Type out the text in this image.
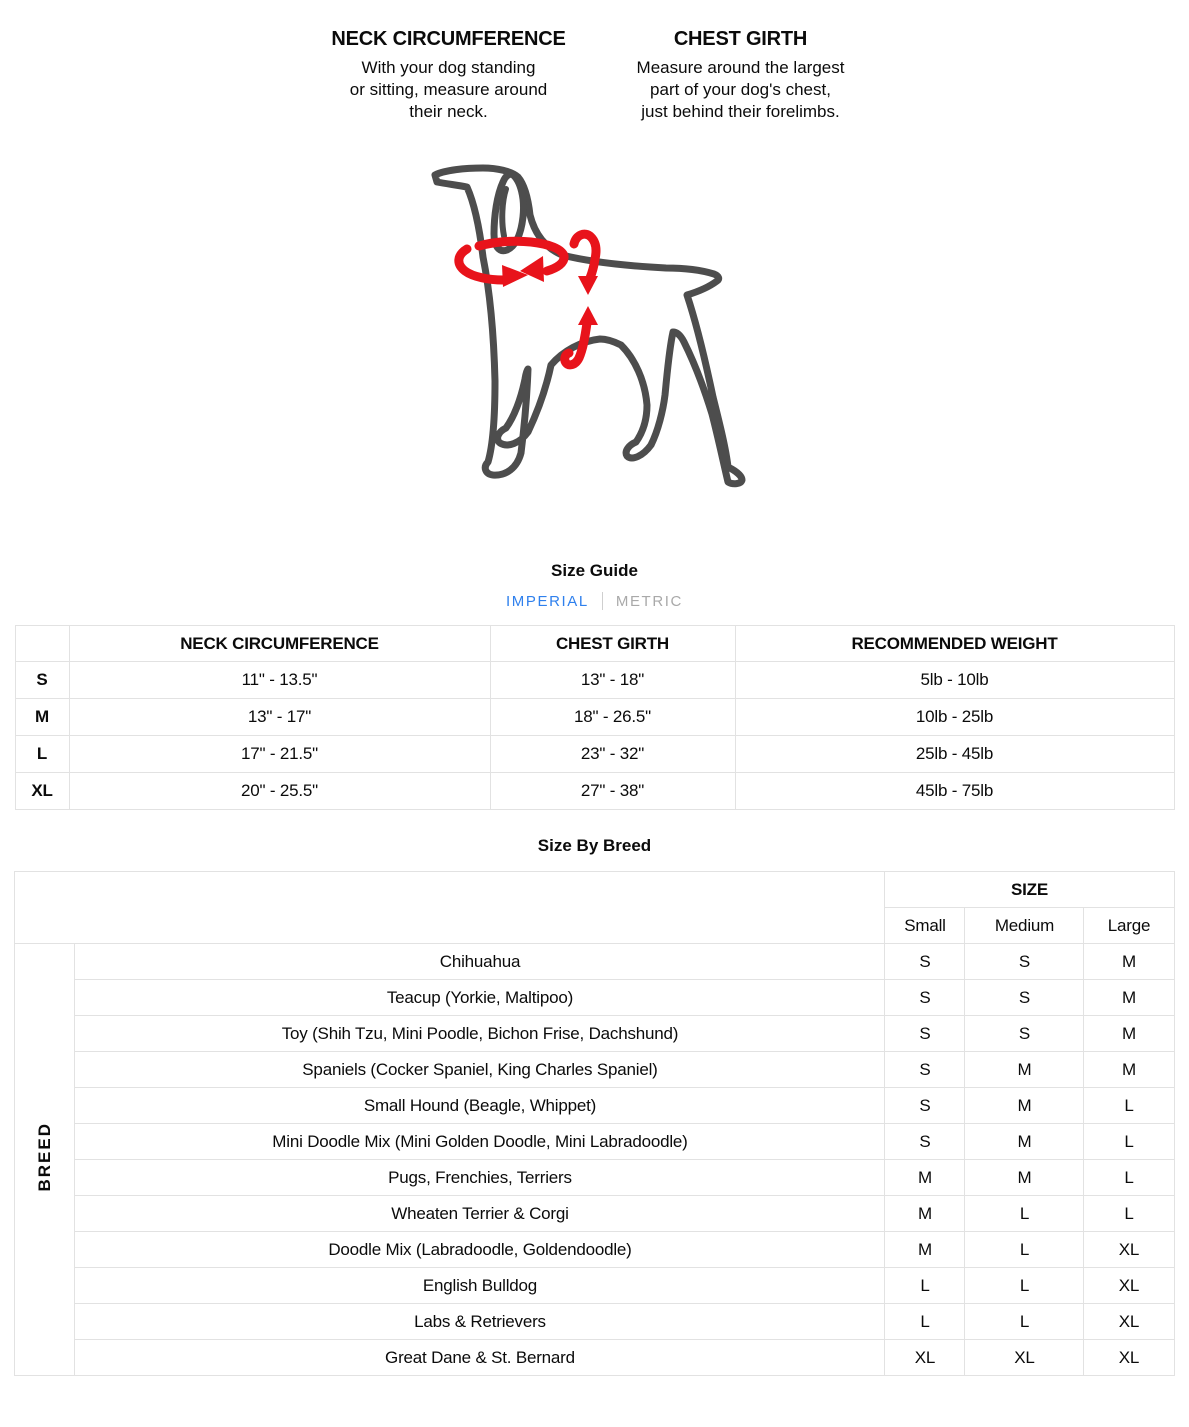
NECK CIRCUMFERENCE
With your dog standing
or sitting, measure around
their neck.
CHEST GIRTH
Measure around the largest
part of your dog's chest,
just behind their forelimbs.
Size Guide
IMPERIAL METRIC
	NECK CIRCUMFERENCE	CHEST GIRTH	RECOMMENDED WEIGHT
S	11" - 13.5"	13" - 18"	5lb - 10lb
M	13" - 17"	18" - 26.5"	10lb - 25lb
L	17" - 21.5"	23" - 32"	25lb - 45lb
XL	20" - 25.5"	27" - 38"	45lb - 75lb
Size By Breed
		SIZE		
		Small	Medium	Large
BREED	Chihuahua	S	S	M
	Teacup (Yorkie, Maltipoo)	S	S	M
	Toy (Shih Tzu, Mini Poodle, Bichon Frise, Dachshund)	S	S	M
	Spaniels (Cocker Spaniel, King Charles Spaniel)	S	M	M
	Small Hound (Beagle, Whippet)	S	M	L
	Mini Doodle Mix (Mini Golden Doodle, Mini Labradoodle)	S	M	L
	Pugs, Frenchies, Terriers	M	M	L
	Wheaten Terrier & Corgi	M	L	L
	Doodle Mix (Labradoodle, Goldendoodle)	M	L	XL
	English Bulldog	L	L	XL
	Labs & Retrievers	L	L	XL
	Great Dane & St. Bernard	XL	XL	XL
